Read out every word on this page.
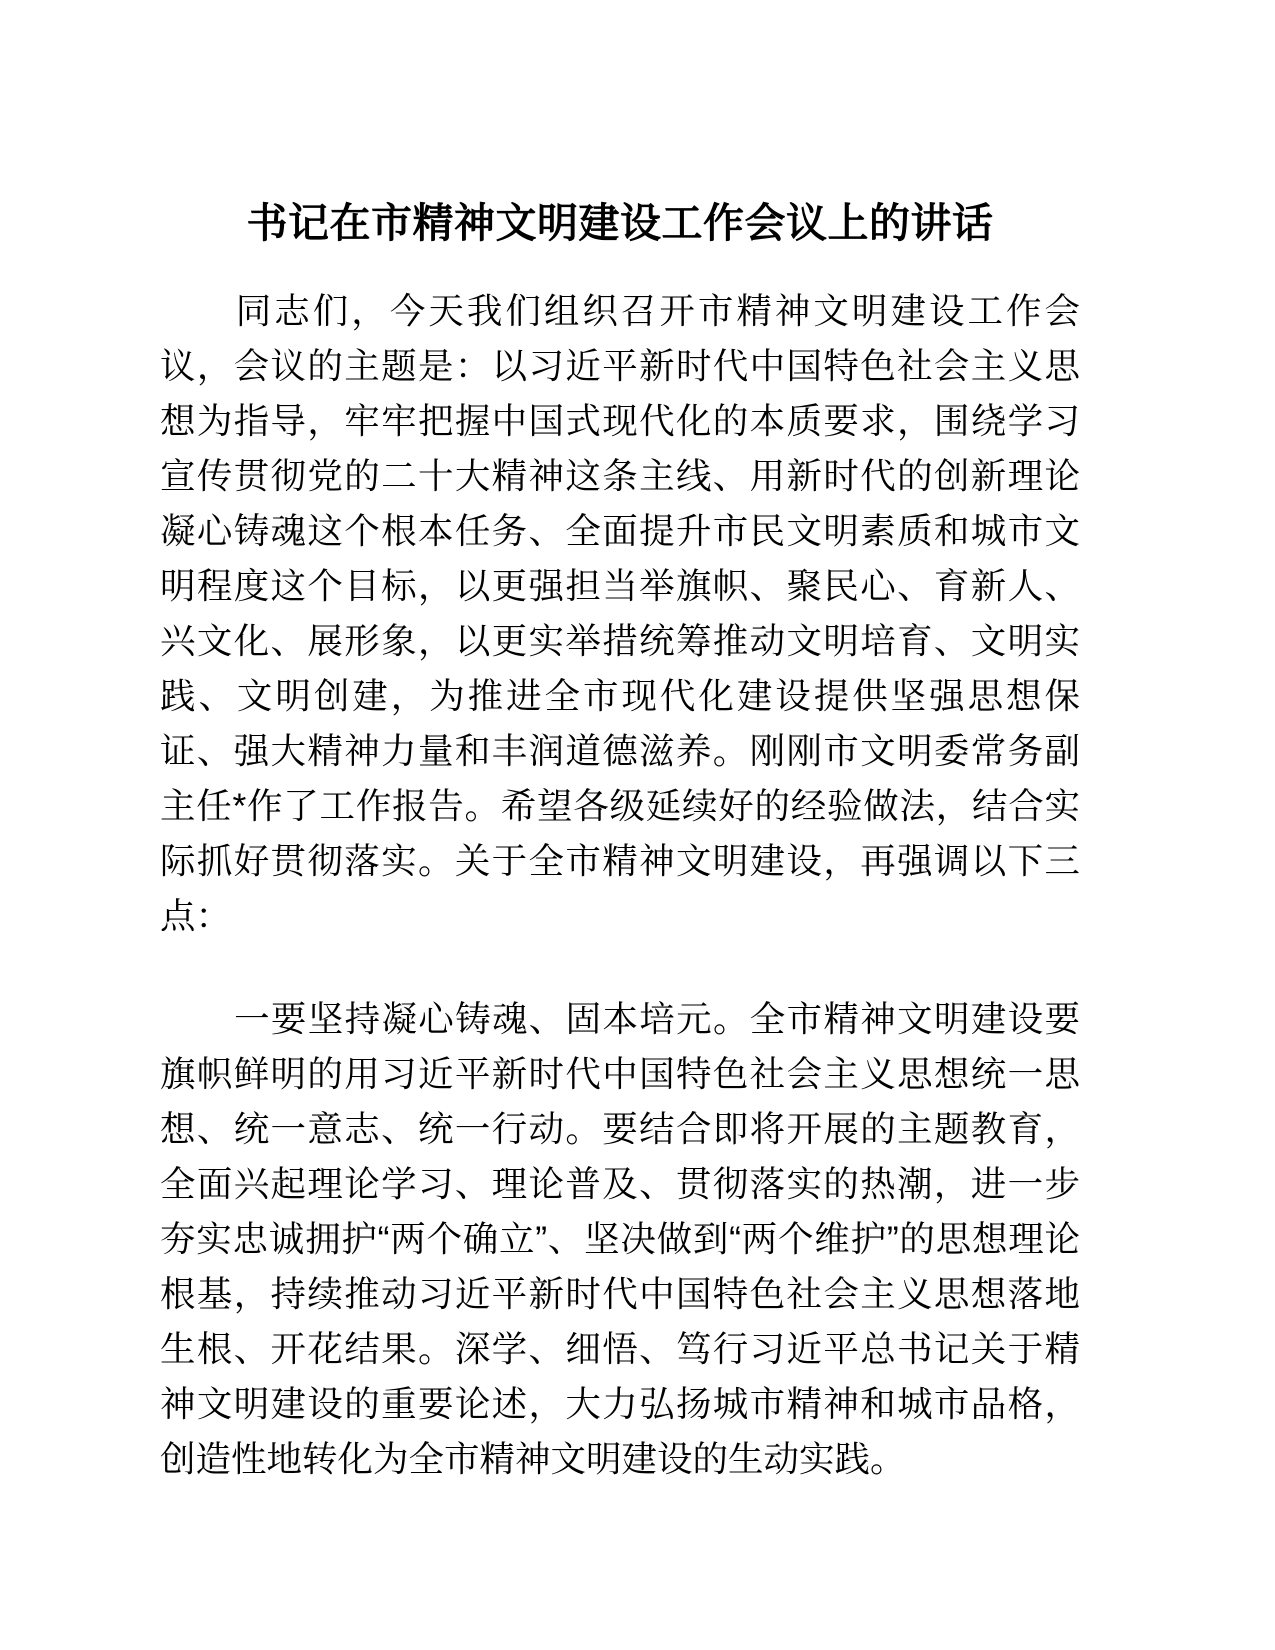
书记在市精神文明建设工作会议上的讲话

同志们，今天我们组织召开市精神文明建设工作会议，会议的主题是：以习近平新时代中国特色社会主义思想为指导，牢牢把握中国式现代化的本质要求，围绕学习宣传贯彻党的二十大精神这条主线、用新时代的创新理论凝心铸魂这个根本任务、全面提升市民文明素质和城市文明程度这个目标，以更强担当举旗帜、聚民心、育新人、兴文化、展形象，以更实举措统筹推动文明培育、文明实践、文明创建，为推进全市现代化建设提供坚强思想保证、强大精神力量和丰润道德滋养。刚刚市文明委常务副主任*作了工作报告。希望各级延续好的经验做法，结合实际抓好贯彻落实。关于全市精神文明建设，再强调以下三点：

一要坚持凝心铸魂、固本培元。全市精神文明建设要旗帜鲜明的用习近平新时代中国特色社会主义思想统一思想、统一意志、统一行动。要结合即将开展的主题教育，全面兴起理论学习、理论普及、贯彻落实的热潮，进一步夯实忠诚拥护“两个确立”、坚决做到“两个维护”的思想理论根基，持续推动习近平新时代中国特色社会主义思想落地生根、开花结果。深学、细悟、笃行习近平总书记关于精神文明建设的重要论述，大力弘扬城市精神和城市品格，创造性地转化为全市精神文明建设的生动实践。
